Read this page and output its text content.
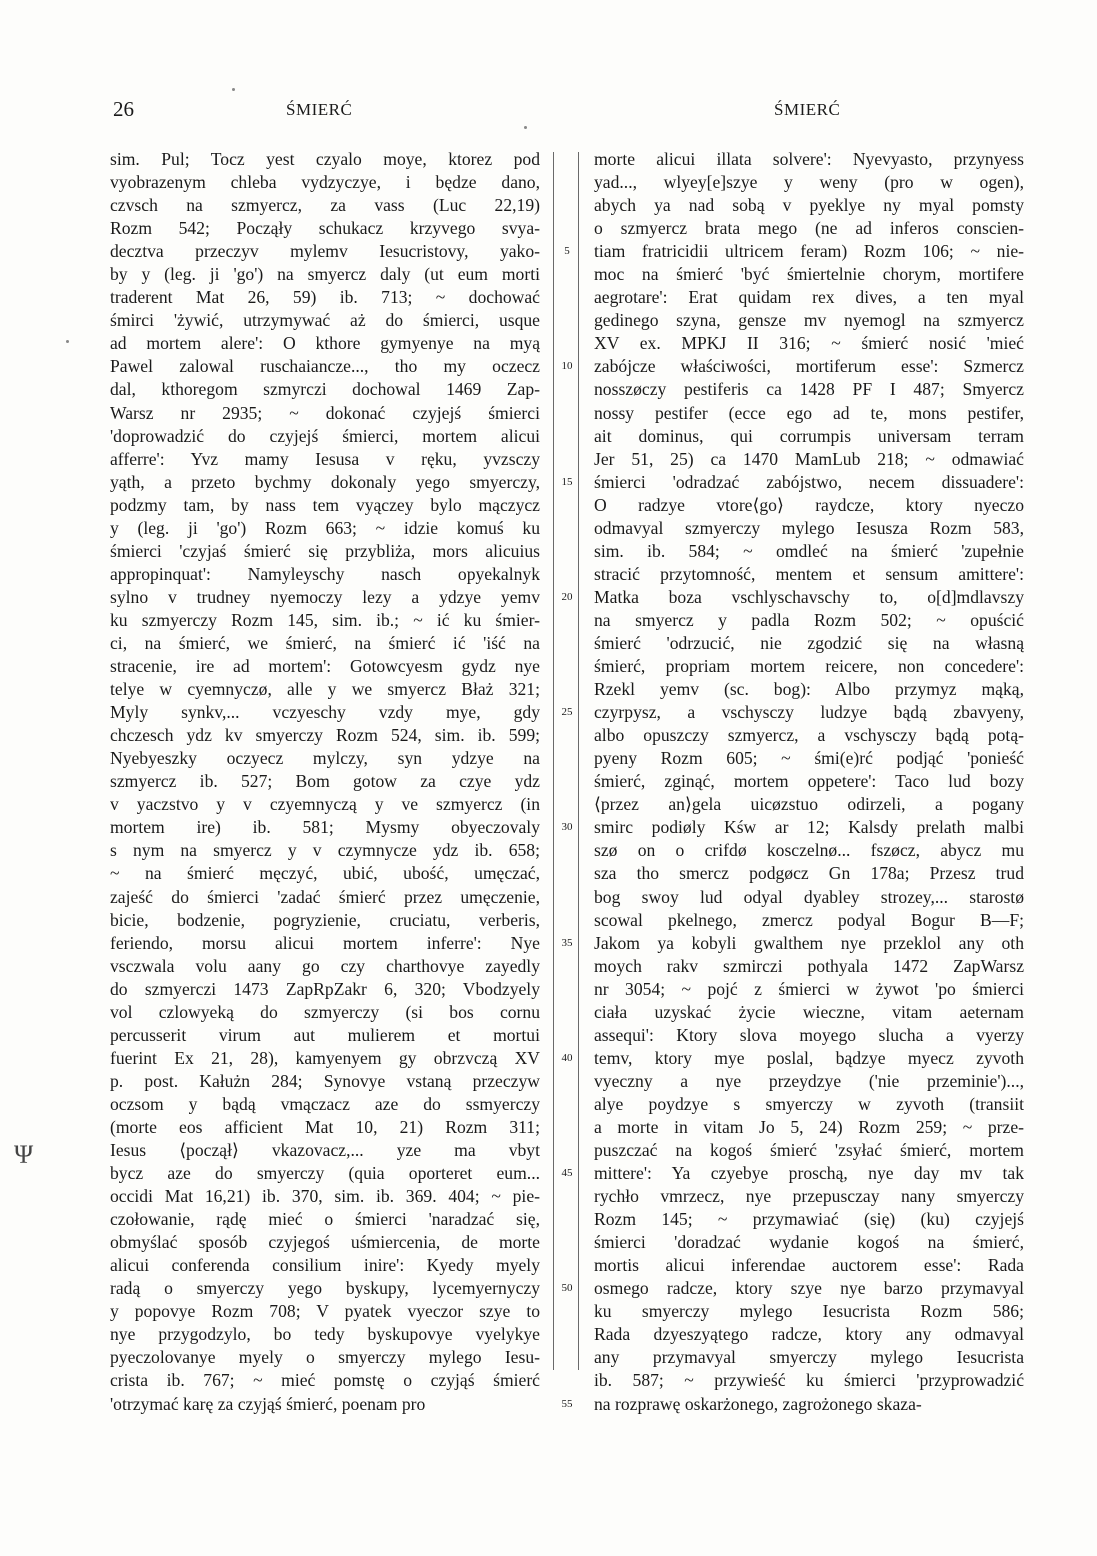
26	ŚMIERĆ	ŚMIERĆ
sim. Pul; Tocz yest czyalo moye, ktorez pod
vyobrazenym chleba vydzyczye, i będze dano,
czvsch na szmyercz, za vass (Luc 22,19)
Rozm 542; Począły schukacz krzyvego svya-
decztva przeczyv mylemv Iesucristovy, yako-
by y (leg. ji 'go') na smyercz daly (ut eum morti
traderent Mat 26, 59) ib. 713; ~ dochować
śmirci 'żywić, utrzymywać aż do śmierci, usque
ad mortem alere': O kthore gymyenye na myą
Pawel zalowal ruschaiancze..., tho my oczecz
dal, kthoregom szmyrczi dochowal 1469 Zap-
Warsz nr 2935; ~ dokonać czyjejś śmierci
'doprowadzić do czyjejś śmierci, mortem alicui
afferre': Yvz mamy Iesusa v ręku, yvzsczy
yąth, a przeto bychmy dokonaly yego smyerczy,
podzmy tam, by nass tem vyączey bylo mączycz
y (leg. ji 'go') Rozm 663; ~ idzie komuś ku
śmierci 'czyjaś śmierć się przybliża, mors alicuius
appropinquat': Namyleyschy nasch opyekalnyk
sylno v trudney nyemoczy lezy a ydzye yemv
ku szmyerczy Rozm 145, sim. ib.; ~ ić ku śmier-
ci, na śmierć, we śmierć, na śmierć ić 'iść na
stracenie, ire ad mortem': Gotowcyesm gydz nye
telye w cyemnyczø, alle y we smyercz Błaż 321;
Myly synkv,... vczyeschy vzdy mye, gdy
chczesch ydz kv smyerczy Rozm 524, sim. ib. 599;
Nyebyeszky oczyecz mylczy, syn ydzye na
szmyercz ib. 527; Bom gotow za czye ydz
v yaczstvo y v czyemnyczą y ve szmyercz (in
mortem ire) ib. 581; Mysmy obyeczovaly
s nym na smyercz y v czymnycze ydz ib. 658;
~ na śmierć męczyć, ubić, ubość, umęczać,
zajeść do śmierci 'zadać śmierć przez umęczenie,
bicie, bodzenie, pogryzienie, cruciatu, verberis,
feriendo, morsu alicui mortem inferre': Nye
vsczwala volu aany go czy charthovye zayedly
do szmyerczi 1473 ZapRpZakr 6, 320; Vbodzyely
vol czlowyeką do szmyerczy (si bos cornu
percusserit virum aut mulierem et mortui
fuerint Ex 21, 28), kamyenyem gy obrzvczą XV
p. post. Kałużn 284; Synovye vstaną przeczyw
oczsom y bądą vmączacz aze do ssmyerczy
(morte eos afficient Mat 10, 21) Rozm 311;
Iesus ⟨począł⟩ vkazovacz,... yze ma vbyt
bycz aze do smyerczy (quia oporteret eum...
occidi Mat 16,21) ib. 370, sim. ib. 369. 404; ~ pie-
czołowanie, rądę mieć o śmierci 'naradzać się,
obmyślać sposób czyjegoś uśmiercenia, de morte
alicui conferenda consilium inire': Kyedy myely
radą o smyerczy yego byskupy, lycemyernyczy
y popovye Rozm 708; V pyatek vyeczor szye to
nye przygodzylo, bo tedy byskupovye vyelykye
pyeczolovanye myely o smyerczy mylego Iesu-
crista ib. 767; ~ mieć pomstę o czyjąś śmierć
'otrzymać karę za czyjąś śmierć, poenam pro
5
10
15
20
25
30
35
40
45
50
55
morte alicui illata solvere': Nyevyasto, przynyess
yad..., wlyey[e]szye y weny (pro w ogen),
abych ya nad sobą v pyeklye ny myal pomsty
o szmyercz brata mego (ne ad inferos conscien-
tiam fratricidii ultricem feram) Rozm 106; ~ nie-
moc na śmierć 'być śmiertelnie chorym, mortifere
aegrotare': Erat quidam rex dives, a ten myal
gedinego szyna, gensze mv nyemogl na szmyercz
XV ex. MPKJ II 316; ~ śmierć nosić 'mieć
zabójcze właściwości, mortiferum esse': Szmercz
nosszøczy pestiferis ca 1428 PF I 487; Smyercz
nossy pestifer (ecce ego ad te, mons pestifer,
ait dominus, qui corrumpis universam terram
Jer 51, 25) ca 1470 MamLub 218; ~ odmawiać
śmierci 'odradzać zabójstwo, necem dissuadere':
O radzye vtore⟨go⟩ raydcze, ktory nyeczo
odmavyal szmyerczy mylego Iesusza Rozm 583,
sim. ib. 584; ~ omdleć na śmierć 'zupełnie
stracić przytomność, mentem et sensum amittere':
Matka boza vschlyschavschy to, o[d]mdlavszy
na smyercz y padla Rozm 502; ~ opuścić
śmierć 'odrzucić, nie zgodzić się na własną
śmierć, propriam mortem reicere, non concedere':
Rzekl yemv (sc. bog): Albo przymyz mąką,
czyrpysz, a vschysczy ludzye bądą zbavyeny,
albo opuszczy szmyercz, a vschysczy bądą potą-
pyeny Rozm 605; ~ śmi(e)rć podjąć 'ponieść
śmierć, zginąć, mortem oppetere': Taco lud bozy
⟨przez an⟩gela uicøzstuo odirzeli, a pogany
smirc podiøly Kśw ar 12; Kalsdy prelath malbi
szø on o crifdø kosczelnø... fszøcz, abycz mu
sza tho smercz podgøcz Gn 178a; Przesz trud
bog swoy lud odyal dyabley strozey,... starostø
scowal pkelnego, zmercz podyal Bogur B—F;
Jakom ya kobyli gwalthem nye przeklol any oth
moych rakv szmirczi pothyala 1472 ZapWarsz
nr 3054; ~ pojć z śmierci w żywot 'po śmierci
ciała uzyskać życie wieczne, vitam aeternam
assequi': Ktory slova moyego slucha a vyerzy
temv, ktory mye poslal, bądzye myecz zyvoth
vyeczny a nye przeydzye ('nie przeminie')...,
alye poydzye s smyerczy w zyvoth (transiit
a morte in vitam Jo 5, 24) Rozm 259; ~ prze-
puszczać na kogoś śmierć 'zsyłać śmierć, mortem
mittere': Ya czyebye proschą, nye day mv tak
rychło vmrzecz, nye przepusczay nany smyerczy
Rozm 145; ~ przymawiać (się) (ku) czyjejś
śmierci 'doradzać wydanie kogoś na śmierć,
mortis alicui inferendae auctorem esse': Rada
osmego radcze, ktory szye nye barzo przymavyal
ku smyerczy mylego Iesucrista Rozm 586;
Rada dzyeszyątego radcze, ktory any odmavyal
any przymavyal smyerczy mylego Iesucrista
ib. 587; ~ przywieść ku śmierci 'przyprowadzić
na rozprawę oskarżonego, zagrożonego skaza-
Ψ
